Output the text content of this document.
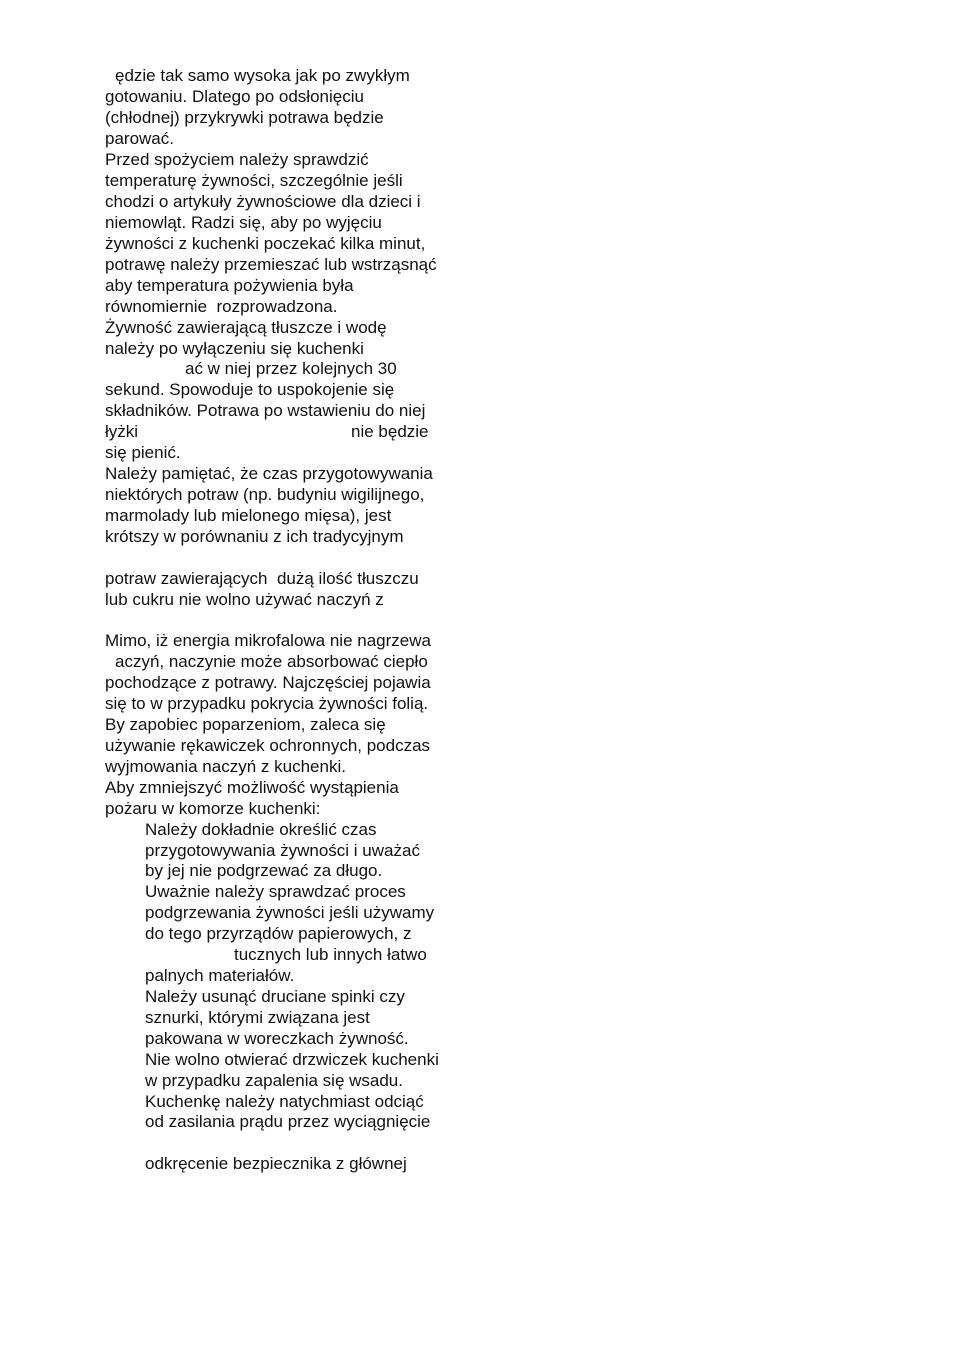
ędzie tak samo wysoka jak po zwykłym

gotowaniu. Dlatego po odsłonięciu

(chłodnej) przykrywki potrawa będzie

parować.

Przed spożyciem należy sprawdzić

temperaturę żywności, szczególnie jeśli

chodzi o artykuły żywnościowe dla dzieci i

niemowląt. Radzi się, aby po wyjęciu

żywności z kuchenki poczekać kilka minut,

potrawę należy przemieszać lub wstrząsnąć

aby temperatura pożywienia była

równomiernie  rozprowadzona.

Żywność zawierającą tłuszcze i wodę

należy po wyłączeniu się kuchenki

ać w niej przez kolejnych 30

sekund. Spowoduje to uspokojenie się

składników. Potrawa po wstawieniu do niej

łyżki	nie będzie

się pienić.

Należy pamiętać, że czas przygotowywania

niektórych potraw (np. budyniu wigilijnego,

marmolady lub mielonego mięsa), jest

krótszy w porównaniu z ich tradycyjnym

potraw zawierających  dużą ilość tłuszczu

lub cukru nie wolno używać naczyń z

Mimo, iż energia mikrofalowa nie nagrzewa

aczyń, naczynie może absorbować ciepło

pochodzące z potrawy. Najczęściej pojawia

się to w przypadku pokrycia żywności folią.

By zapobiec poparzeniom, zaleca się

używanie rękawiczek ochronnych, podczas

wyjmowania naczyń z kuchenki.

Aby zmniejszyć możliwość wystąpienia

pożaru w komorze kuchenki:

Należy dokładnie określić czas

przygotowywania żywności i uważać

by jej nie podgrzewać za długo.

Uważnie należy sprawdzać proces

podgrzewania żywności jeśli używamy

do tego przyrządów papierowych, z

tucznych lub innych łatwo

palnych materiałów.

Należy usunąć druciane spinki czy

sznurki, którymi związana jest

pakowana w woreczkach żywność.

Nie wolno otwierać drzwiczek kuchenki

w przypadku zapalenia się wsadu.

Kuchenkę należy natychmiast odciąć

od zasilania prądu przez wyciągnięcie

odkręcenie bezpiecznika z głównej
